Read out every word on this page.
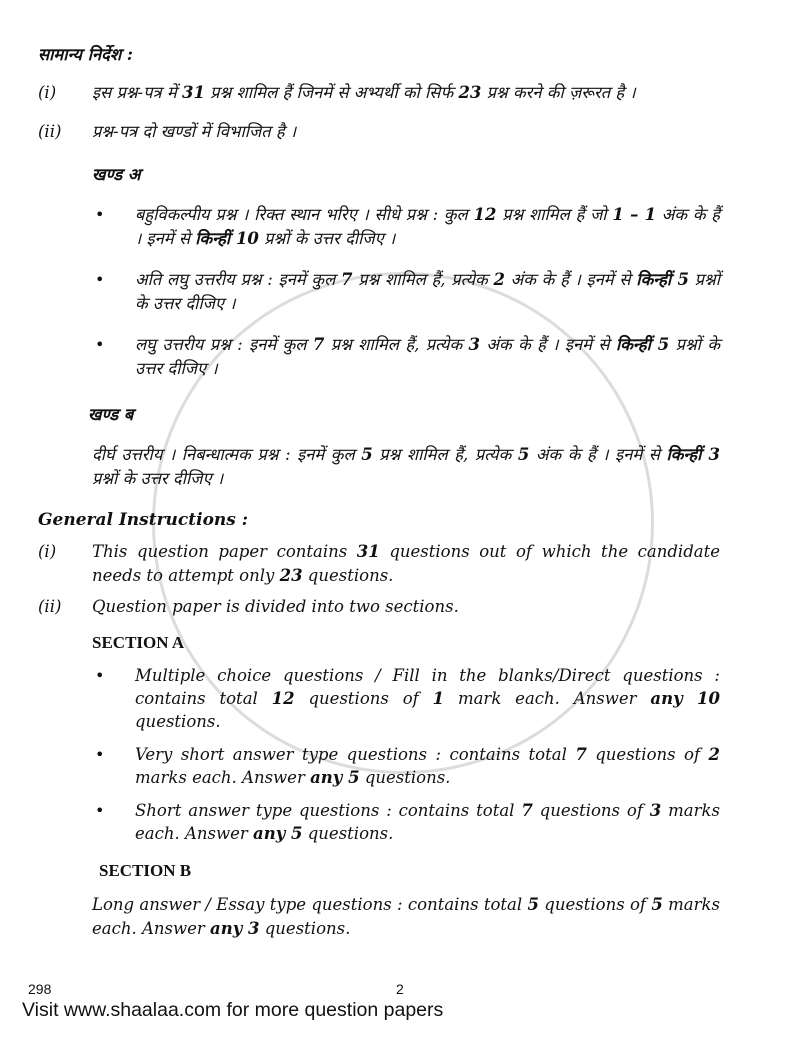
सामान्य निर्देश :
(i)	इस प्रश्न-पत्र में 31 प्रश्न शामिल हैं जिनमें से अभ्यर्थी को सिर्फ 23 प्रश्न करने की ज़रूरत है ।
(ii)	प्रश्न-पत्र दो खण्डों में विभाजित है ।
खण्ड अ
•	बहुविकल्पीय प्रश्न । रिक्त स्थान भरिए । सीधे प्रश्न : कुल 12 प्रश्न शामिल हैं जो 1 – 1 अंक के हैं । इनमें से किन्हीं 10 प्रश्नों के उत्तर दीजिए ।
•	अति लघु उत्तरीय प्रश्न : इनमें कुल 7 प्रश्न शामिल हैं, प्रत्येक 2 अंक के हैं । इनमें से किन्हीं 5 प्रश्नों के उत्तर दीजिए ।
•	लघु उत्तरीय प्रश्न : इनमें कुल 7 प्रश्न शामिल हैं, प्रत्येक 3 अंक के हैं । इनमें से किन्हीं 5 प्रश्नों के उत्तर दीजिए ।
खण्ड ब
दीर्घ उत्तरीय । निबन्धात्मक प्रश्न : इनमें कुल 5 प्रश्न शामिल हैं, प्रत्येक 5 अंक के हैं । इनमें से किन्हीं 3 प्रश्नों के उत्तर दीजिए ।
General Instructions :
(i)	This question paper contains 31 questions out of which the candidate needs to attempt only 23 questions.
(ii)	Question paper is divided into two sections.
SECTION A
•	Multiple choice questions / Fill in the blanks/Direct questions : contains total 12 questions of 1 mark each. Answer any 10 questions.
•	Very short answer type questions : contains total 7 questions of 2 marks each. Answer any 5 questions.
•	Short answer type questions : contains total 7 questions of 3 marks each. Answer any 5 questions.
SECTION B
Long answer / Essay type questions : contains total 5 questions of 5 marks each. Answer any 3 questions.
298	2
Visit www.shaalaa.com for more question papers
